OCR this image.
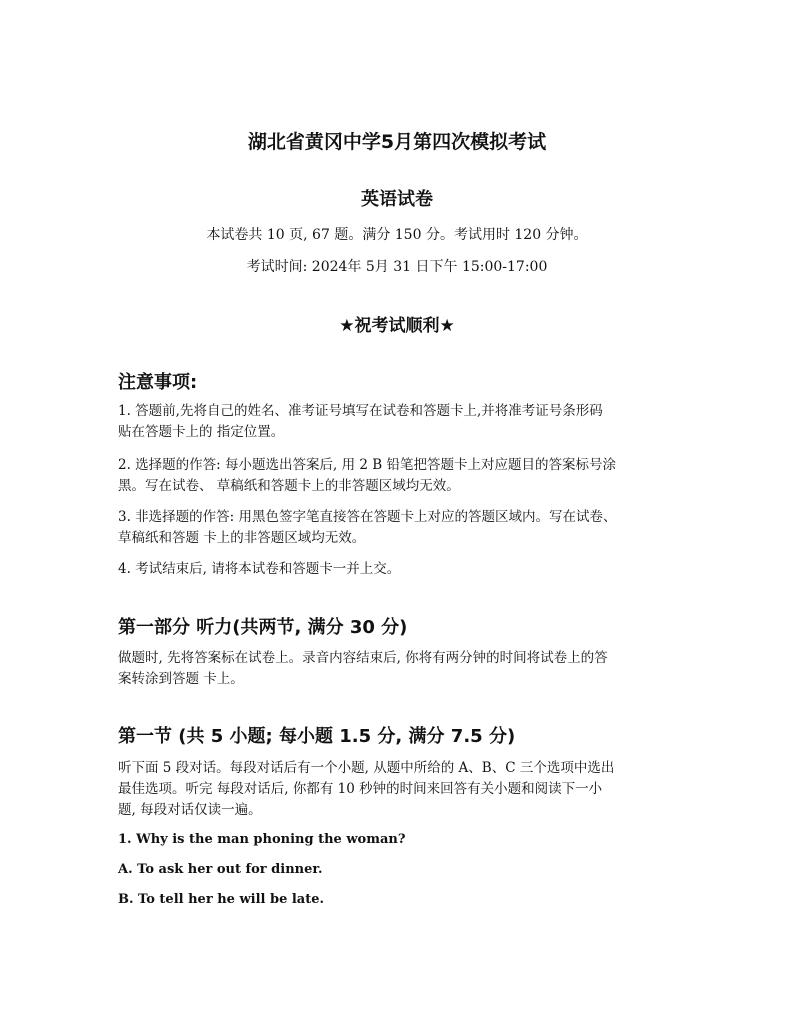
湖北省黄冈中学5月第四次模拟考试
英语试卷
本试卷共 10 页, 67 题。满分 150 分。考试用时 120 分钟。
考试时间: 2024年 5月 31 日下午 15:00-17:00
★祝考试顺利★
注意事项:

1. 答题前,先将自己的姓名、准考证号填写在试卷和答题卡上,并将准考证号条形码

贴在答题卡上的 指定位置。

2. 选择题的作答: 每小题选出答案后, 用 2 B 铅笔把答题卡上对应题目的答案标号涂

黑。写在试卷、 草稿纸和答题卡上的非答题区域均无效。

3. 非选择题的作答: 用黑色签字笔直接答在答题卡上对应的答题区域内。写在试卷、

草稿纸和答题 卡上的非答题区域均无效。

4. 考试结束后, 请将本试卷和答题卡一并上交。

第一部分 听力(共两节, 满分 30 分)

做题时, 先将答案标在试卷上。录音内容结束后, 你将有两分钟的时间将试卷上的答

案转涂到答题 卡上。

第一节 (共 5 小题; 每小题 1.5 分, 满分 7.5 分)

听下面 5 段对话。每段对话后有一个小题, 从题中所给的 A、B、C 三个选项中选出

最佳选项。听完 每段对话后, 你都有 10 秒钟的时间来回答有关小题和阅读下一小

题, 每段对话仅读一遍。

1. Why is the man phoning the woman?

A. To ask her out for dinner.

B. To tell her he will be late.
